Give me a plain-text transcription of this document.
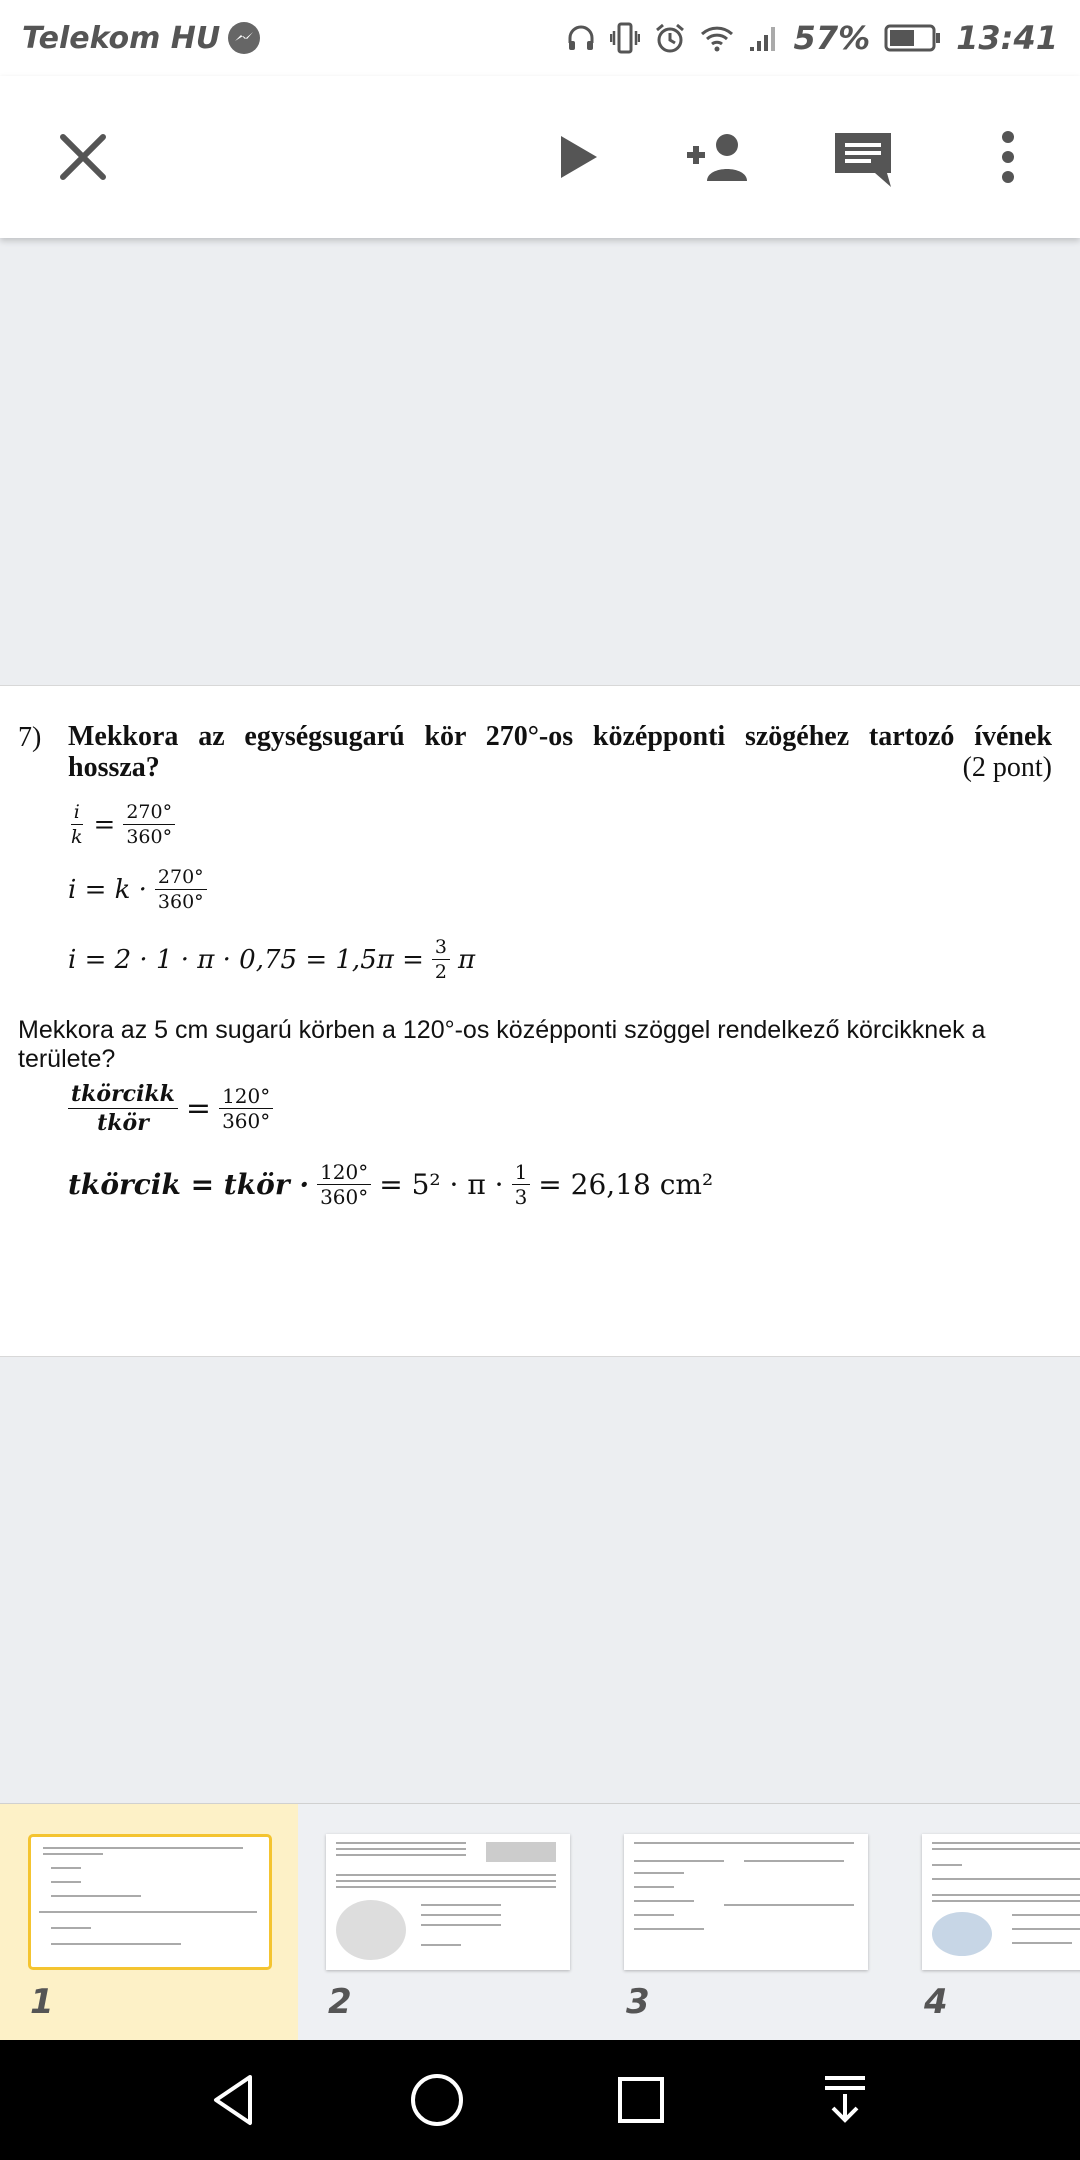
Telekom HU	57%	13:41
7) Mekkora az egységsugarú kör 270°-os középponti szögéhez tartozó ívének
hossza?	(2 pont)
$\frac{i}{k} = \frac{270^\circ}{360^\circ}$
$i = k \cdot \frac{270^\circ}{360^\circ}$
$i = 2 \cdot 1 \cdot \pi \cdot 0,75 = 1,5\pi = \frac{3}{2}$ π
Mekkora az 5 cm sugarú körben a 120°-os középponti szöggel rendelkező körcikknek a területe?
$\frac{\text{tkörcikk}}{\text{tkör}} = \frac{120^\circ}{360^\circ}$
tkörcik = tkör · $\frac{120^\circ}{360^\circ} = 5^2 \cdot \pi \cdot \frac{1}{3} = 26,18$ cm²
1	2	3	4
